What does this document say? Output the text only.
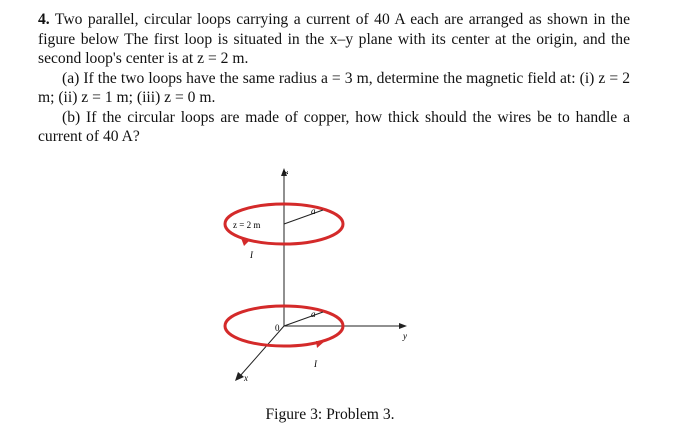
4. Two parallel, circular loops carrying a current of 40 A each are arranged as shown in the figure below The first loop is situated in the x–y plane with its center at the origin, and the second loop's center is at z = 2 m.

(a) If the two loops have the same radius a = 3 m, determine the magnetic field at: (i) z = 2 m; (ii) z = 1 m; (iii) z = 0 m.

(b) If the circular loops are made of copper, how thick should the wires be to handle a current of 40 A?

z
a
z = 2 m
I
y
x
a
0
I
Figure 3: Problem 3.
